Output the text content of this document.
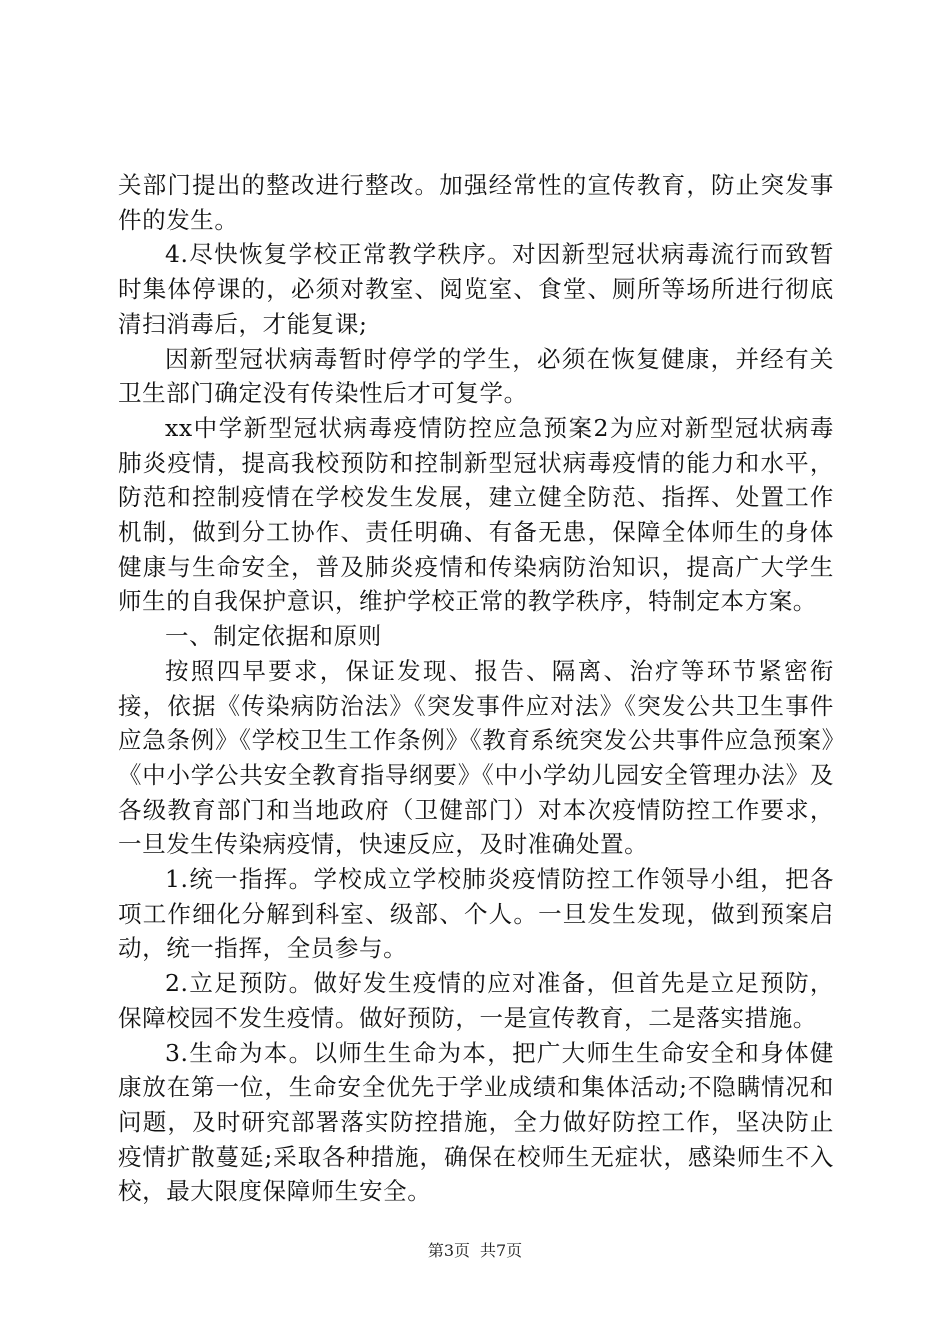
关部门提出的整改进行整改。加强经常性的宣传教育，防止突发事件的发生。

4.尽快恢复学校正常教学秩序。对因新型冠状病毒流行而致暂时集体停课的，必须对教室、阅览室、食堂、厕所等场所进行彻底清扫消毒后，才能复课;

因新型冠状病毒暂时停学的学生，必须在恢复健康，并经有关卫生部门确定没有传染性后才可复学。

xx中学新型冠状病毒疫情防控应急预案2为应对新型冠状病毒肺炎疫情，提高我校预防和控制新型冠状病毒疫情的能力和水平，防范和控制疫情在学校发生发展，建立健全防范、指挥、处置工作机制，做到分工协作、责任明确、有备无患，保障全体师生的身体健康与生命安全，普及肺炎疫情和传染病防治知识，提高广大学生师生的自我保护意识，维护学校正常的教学秩序，特制定本方案。

一、制定依据和原则

按照四早要求，保证发现、报告、隔离、治疗等环节紧密衔接，依据《传染病防治法》《突发事件应对法》《突发公共卫生事件应急条例》《学校卫生工作条例》《教育系统突发公共事件应急预案》《中小学公共安全教育指导纲要》《中小学幼儿园安全管理办法》及各级教育部门和当地政府（卫健部门）对本次疫情防控工作要求，一旦发生传染病疫情，快速反应，及时准确处置。

1.统一指挥。学校成立学校肺炎疫情防控工作领导小组，把各项工作细化分解到科室、级部、个人。一旦发生发现，做到预案启动，统一指挥，全员参与。

2.立足预防。做好发生疫情的应对准备，但首先是立足预防，保障校园不发生疫情。做好预防，一是宣传教育，二是落实措施。

3.生命为本。以师生生命为本，把广大师生生命安全和身体健康放在第一位，生命安全优先于学业成绩和集体活动;不隐瞒情况和问题，及时研究部署落实防控措施，全力做好防控工作，坚决防止疫情扩散蔓延;采取各种措施，确保在校师生无症状，感染师生不入校，最大限度保障师生安全。

第3页 共7页
